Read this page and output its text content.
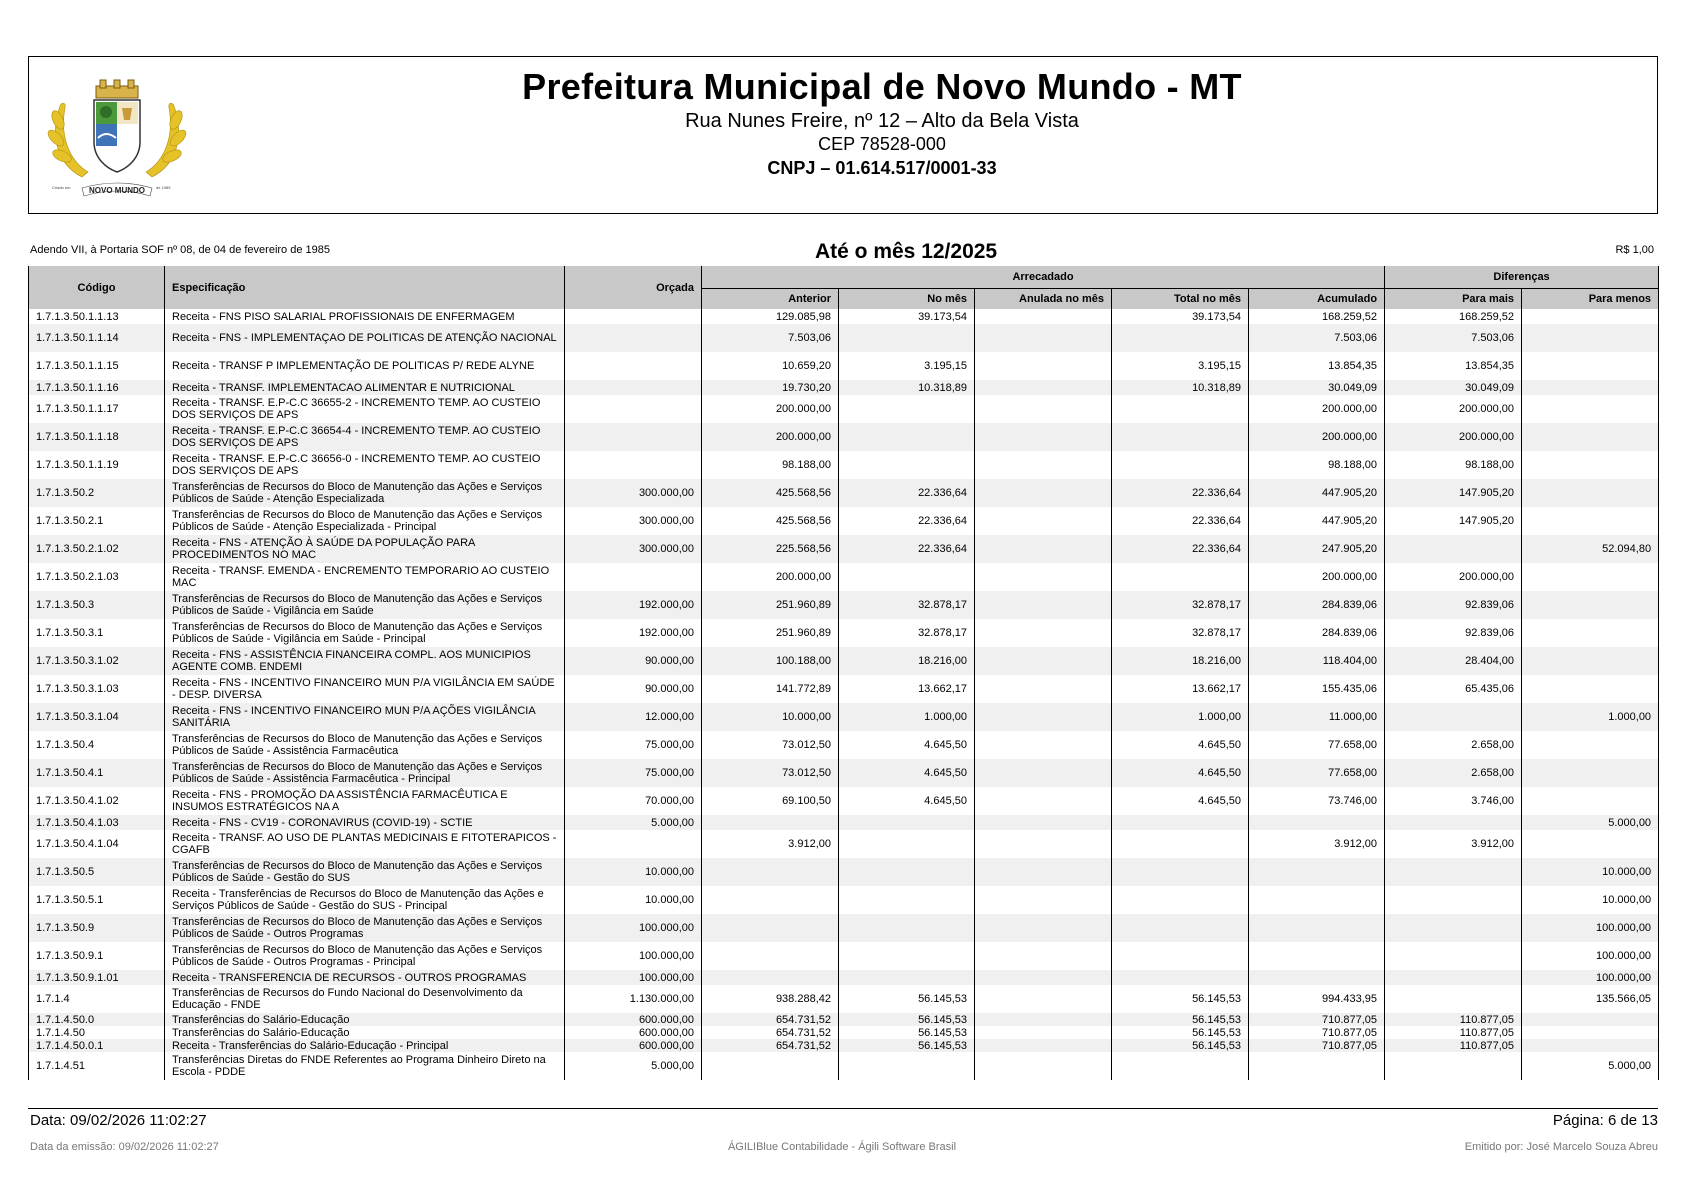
NOVO MUNDO
Criado em	de 1985
Prefeitura Municipal de Novo Mundo - MT
Rua Nunes Freire, nº 12 – Alto da Bela Vista
CEP 78528-000
CNPJ – 01.614.517/0001-33
Adendo VII, à Portaria SOF nº 08, de 04 de fevereiro de 1985	Até o mês 12/2025	R$ 1,00
Código	Especificação	Orçada	Arrecadado					Diferenças	
			Anterior	No mês	Anulada no mês	Total no mês	Acumulado	Para mais	Para menos
1.7.1.3.50.1.1.13	Receita - FNS PISO SALARIAL PROFISSIONAIS DE ENFERMAGEM		129.085,98	39.173,54		39.173,54	168.259,52	168.259,52	
1.7.1.3.50.1.1.14	Receita - FNS - IMPLEMENTAÇAO DE POLITICAS DE ATENÇÃO NACIONAL		7.503,06				7.503,06	7.503,06	
1.7.1.3.50.1.1.15	Receita - TRANSF P IMPLEMENTAÇÃO DE POLITICAS P/ REDE ALYNE		10.659,20	3.195,15		3.195,15	13.854,35	13.854,35	
1.7.1.3.50.1.1.16	Receita - TRANSF. IMPLEMENTACAO ALIMENTAR E NUTRICIONAL		19.730,20	10.318,89		10.318,89	30.049,09	30.049,09	
1.7.1.3.50.1.1.17	Receita - TRANSF. E.P-C.C 36655-2 - INCREMENTO TEMP. AO CUSTEIO DOS SERVIÇOS DE APS		200.000,00				200.000,00	200.000,00	
1.7.1.3.50.1.1.18	Receita - TRANSF. E.P-C.C 36654-4 - INCREMENTO TEMP. AO CUSTEIO DOS SERVIÇOS DE APS		200.000,00				200.000,00	200.000,00	
1.7.1.3.50.1.1.19	Receita - TRANSF. E.P-C.C 36656-0 - INCREMENTO TEMP. AO CUSTEIO DOS SERVIÇOS DE APS		98.188,00				98.188,00	98.188,00	
1.7.1.3.50.2	Transferências de Recursos do Bloco de Manutenção das Ações e Serviços Públicos de Saúde - Atenção Especializada	300.000,00	425.568,56	22.336,64		22.336,64	447.905,20	147.905,20	
1.7.1.3.50.2.1	Transferências de Recursos do Bloco de Manutenção das Ações e Serviços Públicos de Saúde - Atenção Especializada - Principal	300.000,00	425.568,56	22.336,64		22.336,64	447.905,20	147.905,20	
1.7.1.3.50.2.1.02	Receita - FNS - ATENÇÃO À SAÚDE DA POPULAÇÃO PARA PROCEDIMENTOS NO MAC	300.000,00	225.568,56	22.336,64		22.336,64	247.905,20		52.094,80
1.7.1.3.50.2.1.03	Receita - TRANSF. EMENDA - ENCREMENTO TEMPORARIO AO CUSTEIO MAC		200.000,00				200.000,00	200.000,00	
1.7.1.3.50.3	Transferências de Recursos do Bloco de Manutenção das Ações e Serviços Públicos de Saúde - Vigilância em Saúde	192.000,00	251.960,89	32.878,17		32.878,17	284.839,06	92.839,06	
1.7.1.3.50.3.1	Transferências de Recursos do Bloco de Manutenção das Ações e Serviços Públicos de Saúde - Vigilância em Saúde - Principal	192.000,00	251.960,89	32.878,17		32.878,17	284.839,06	92.839,06	
1.7.1.3.50.3.1.02	Receita - FNS - ASSISTÊNCIA FINANCEIRA COMPL. AOS MUNICIPIOS AGENTE COMB. ENDEMI	90.000,00	100.188,00	18.216,00		18.216,00	118.404,00	28.404,00	
1.7.1.3.50.3.1.03	Receita - FNS - INCENTIVO FINANCEIRO MUN P/A VIGILÂNCIA EM SAÚDE - DESP. DIVERSA	90.000,00	141.772,89	13.662,17		13.662,17	155.435,06	65.435,06	
1.7.1.3.50.3.1.04	Receita - FNS - INCENTIVO FINANCEIRO MUN P/A AÇÕES VIGILÂNCIA SANITÁRIA	12.000,00	10.000,00	1.000,00		1.000,00	11.000,00		1.000,00
1.7.1.3.50.4	Transferências de Recursos do Bloco de Manutenção das Ações e Serviços Públicos de Saúde - Assistência Farmacêutica	75.000,00	73.012,50	4.645,50		4.645,50	77.658,00	2.658,00	
1.7.1.3.50.4.1	Transferências de Recursos do Bloco de Manutenção das Ações e Serviços Públicos de Saúde - Assistência Farmacêutica - Principal	75.000,00	73.012,50	4.645,50		4.645,50	77.658,00	2.658,00	
1.7.1.3.50.4.1.02	Receita - FNS - PROMOÇÃO DA ASSISTÊNCIA FARMACÊUTICA E INSUMOS ESTRATÉGICOS NA A	70.000,00	69.100,50	4.645,50		4.645,50	73.746,00	3.746,00	
1.7.1.3.50.4.1.03	Receita - FNS - CV19 - CORONAVIRUS (COVID-19) - SCTIE	5.000,00							5.000,00
1.7.1.3.50.4.1.04	Receita - TRANSF. AO USO DE PLANTAS MEDICINAIS E FITOTERAPICOS - CGAFB		3.912,00				3.912,00	3.912,00	
1.7.1.3.50.5	Transferências de Recursos do Bloco de Manutenção das Ações e Serviços Públicos de Saúde - Gestão do SUS	10.000,00							10.000,00
1.7.1.3.50.5.1	Receita - Transferências de Recursos do Bloco de Manutenção das Ações e Serviços Públicos de Saúde - Gestão do SUS - Principal	10.000,00							10.000,00
1.7.1.3.50.9	Transferências de Recursos do Bloco de Manutenção das Ações e Serviços Públicos de Saúde - Outros Programas	100.000,00							100.000,00
1.7.1.3.50.9.1	Transferências de Recursos do Bloco de Manutenção das Ações e Serviços Públicos de Saúde - Outros Programas - Principal	100.000,00							100.000,00
1.7.1.3.50.9.1.01	Receita - TRANSFERENCIA DE RECURSOS - OUTROS PROGRAMAS	100.000,00							100.000,00
1.7.1.4	Transferências de Recursos do Fundo Nacional do Desenvolvimento da Educação - FNDE	1.130.000,00	938.288,42	56.145,53		56.145,53	994.433,95		135.566,05
1.7.1.4.50.0	Transferências do Salário-Educação	600.000,00	654.731,52	56.145,53		56.145,53	710.877,05	110.877,05	
1.7.1.4.50	Transferências do Salário-Educação	600.000,00	654.731,52	56.145,53		56.145,53	710.877,05	110.877,05	
1.7.1.4.50.0.1	Receita - Transferências do Salário-Educação - Principal	600.000,00	654.731,52	56.145,53		56.145,53	710.877,05	110.877,05	
1.7.1.4.51	Transferências Diretas do FNDE Referentes ao Programa Dinheiro Direto na Escola - PDDE	5.000,00							5.000,00
Data: 09/02/2026 11:02:27	Página: 6 de 13
Data da emissão: 09/02/2026 11:02:27	ÁGILIBlue Contabilidade - Ágili Software Brasil	Emitido por: José Marcelo Souza Abreu
